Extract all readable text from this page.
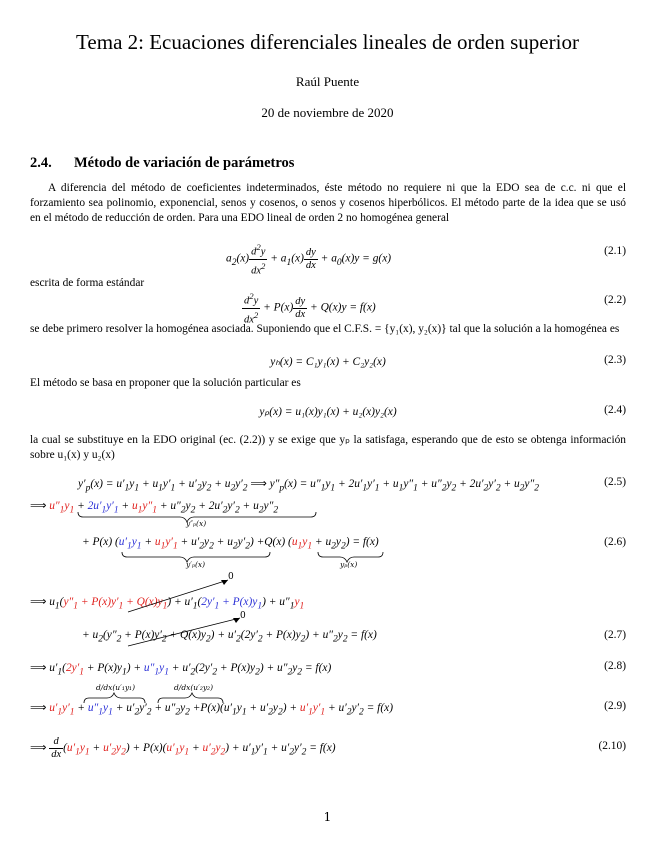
Tema 2: Ecuaciones diferenciales lineales de orden superior
Raúl Puente
20 de noviembre de 2020
2.4. Método de variación de parámetros
A diferencia del método de coeficientes indeterminados, éste método no requiere ni que la EDO sea de c.c. ni que el forzamiento sea polinomio, exponencial, senos y cosenos, o senos y cosenos hiperbólicos. El método parte de la idea que se usó en el método de reducción de orden. Para una EDO lineal de orden 2 no homogénea general
$a_2(x) \frac{d^2y}{dx^2} + a_1(x) \frac{dy}{dx} + a_0(x)y = g(x)$
(2.1)
escrita de forma estándar
$\frac{d^2y}{dx^2} + P(x) \frac{dy}{dx} + Q(x)y = f(x)$
(2.2)
se debe primero resolver la homogénea asociada. Suponiendo que el C.F.S. = {y₁(x), y₂(x)} tal que la solución a la homogénea es
yₕ(x) = C₁y₁(x) + C₂y₂(x)	(2.3)
El método se basa en proponer que la solución particular es
yₚ(x) = u₁(x)y₁(x) + u₂(x)y₂(x)	(2.4)
la cual se substituye en la EDO original (ec. (2.2)) y se exige que yₚ la satisfaga, esperando que de esto se obtenga información sobre u₁(x) y u₂(x)
$y'_p(x) = u'_1y_1 + u_1y'_1 + u'_2y_2 + u_2y'_2$ ⟹ $y''_p(x) = u''_1y_1 + 2u'_1y'_1 + u_1y''_1 + u''_2y_2 + 2u'_2y'_2 + u_2y''_2$
(2.5)
⟹ $u''_1y_1 + 2u'_1y'_1 + u_1y''_1 + u''_2y_2 + 2u'_2y'_2 + u_2y''_2$
y″ₚ(x)
+ P(x) $(u'_1y_1 + u_1y'_1 + u'_2y_2 + u_2y'_2) +Q(x) (u_1y_1 + u_2y_2) = f(x)$	(2.6)
y′ₚ(x)	yₚ(x)
0
⟹ $u_1(y''_1 + P(x)y'_1 + Q(x)y_1) + u'_1(2y'_1 + P(x)y_1) + u''_1y_1$
0
+ $u_2(y''_2 + P(x)y'_2 + Q(x)y_2) + u'_2(2y'_2 + P(x)y_2) + u''_2y_2 = f(x)$	(2.7)
⟹ $u'_1(2y'_1 + P(x)y_1) + u''_1y_1 + u'_2(2y'_2 + P(x)y_2) + u''_2y_2 = f(x)$	(2.8)
d/dx(u′₁y₁)	d/dx(u′₂y₂)
⟹ $u'_1y'_1 + u''_1y_1 + u'_2y'_2 + u''_2y_2 +P(x)(u'_1y_1 + u'_2y_2) + u'_1y'_1 + u'_2y'_2 = f(x)$	(2.9)
⟹ $\frac{d}{dx} (u'_1y_1 + u'_2y_2) + P(x)(u'_1y_1 + u'_2y_2) + u'_1y'_1 + u'_2y'_2 = f(x)$	(2.10)
1
